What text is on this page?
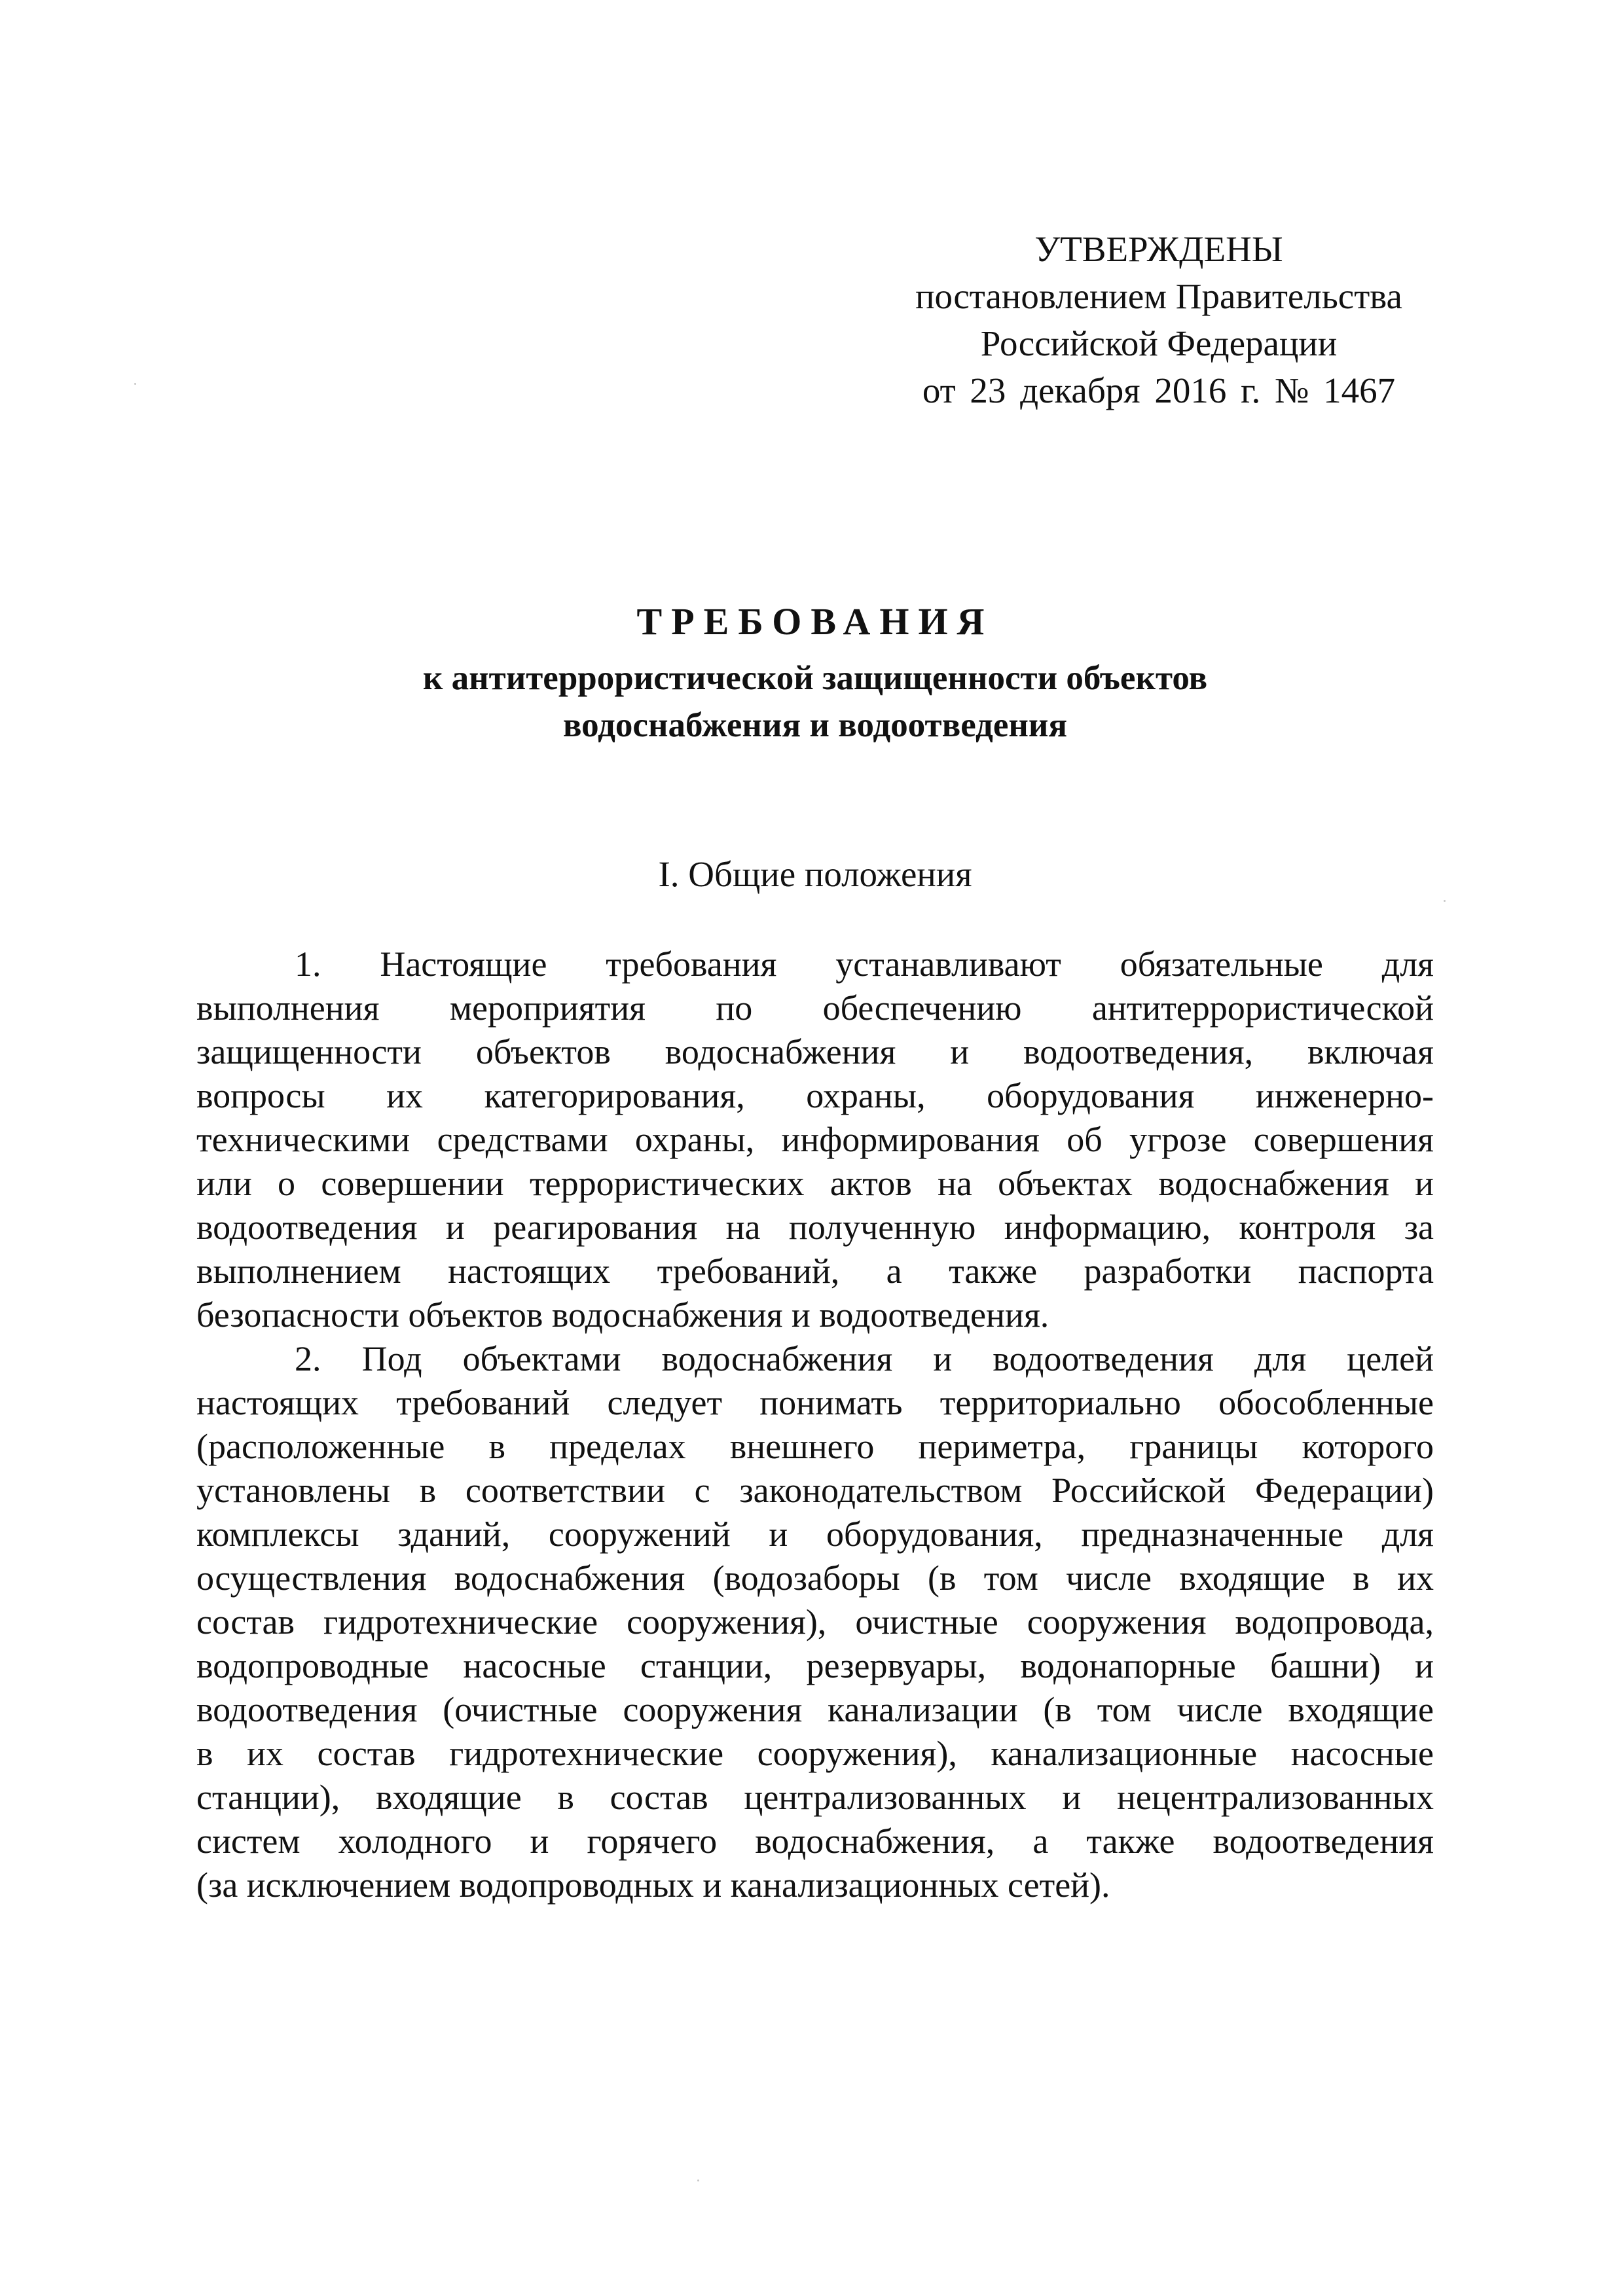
УТВЕРЖДЕНЫ
постановлением Правительства
Российской Федерации
от 23 декабря 2016 г. № 1467
ТРЕБОВАНИЯ
к антитеррористической защищенности объектов
водоснабжения и водоотведения
I. Общие положения
1. Настоящие требования устанавливают обязательные для
выполнения мероприятия по обеспечению антитеррористической
защищенности объектов водоснабжения и водоотведения, включая
вопросы их категорирования, охраны, оборудования инженерно-
техническими средствами охраны, информирования об угрозе совершения
или о совершении террористических актов на объектах водоснабжения и
водоотведения и реагирования на полученную информацию, контроля за
выполнением настоящих требований, а также разработки паспорта
безопасности объектов водоснабжения и водоотведения.
2. Под объектами водоснабжения и водоотведения для целей
настоящих требований следует понимать территориально обособленные
(расположенные в пределах внешнего периметра, границы которого
установлены в соответствии с законодательством Российской Федерации)
комплексы зданий, сооружений и оборудования, предназначенные для
осуществления водоснабжения (водозаборы (в том числе входящие в их
состав гидротехнические сооружения), очистные сооружения водопровода,
водопроводные насосные станции, резервуары, водонапорные башни) и
водоотведения (очистные сооружения канализации (в том числе входящие
в их состав гидротехнические сооружения), канализационные насосные
станции), входящие в состав централизованных и нецентрализованных
систем холодного и горячего водоснабжения, а также водоотведения
(за исключением водопроводных и канализационных сетей).
